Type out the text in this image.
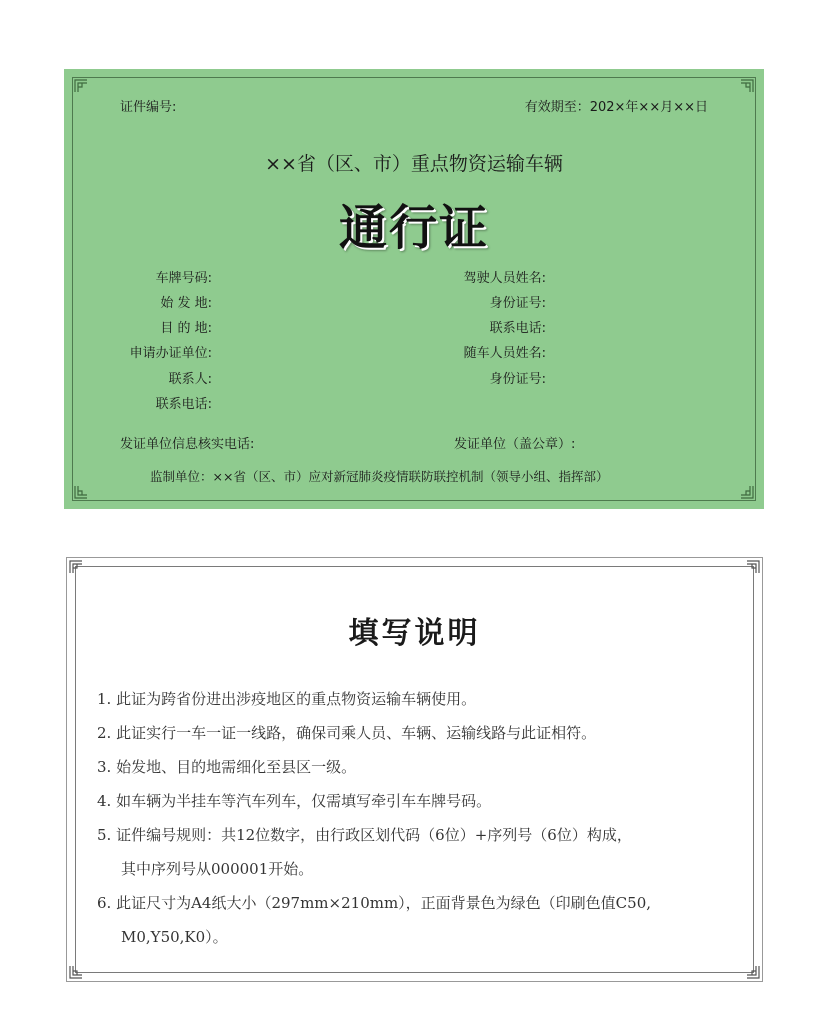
证件编号:	有效期至：202×年××月××日
××省（区、市）重点物资运输车辆
通行证
车牌号码:
始 发 地:
目 的 地:
申请办证单位:
联系人:
联系电话:
驾驶人员姓名:
身份证号:
联系电话:
随车人员姓名:
身份证号:
发证单位信息核实电话:	发证单位（盖公章）:
监制单位：××省（区、市）应对新冠肺炎疫情联防联控机制（领导小组、指挥部）
填写说明
1. 此证为跨省份进出涉疫地区的重点物资运输车辆使用。
2. 此证实行一车一证一线路，确保司乘人员、车辆、运输线路与此证相符。
3. 始发地、目的地需细化至县区一级。
4. 如车辆为半挂车等汽车列车，仅需填写牵引车车牌号码。
5. 证件编号规则：共12位数字，由行政区划代码（6位）+序列号（6位）构成，
其中序列号从000001开始。
6. 此证尺寸为A4纸大小（297mm×210mm），正面背景色为绿色（印刷色值C50,
M0,Y50,K0）。
